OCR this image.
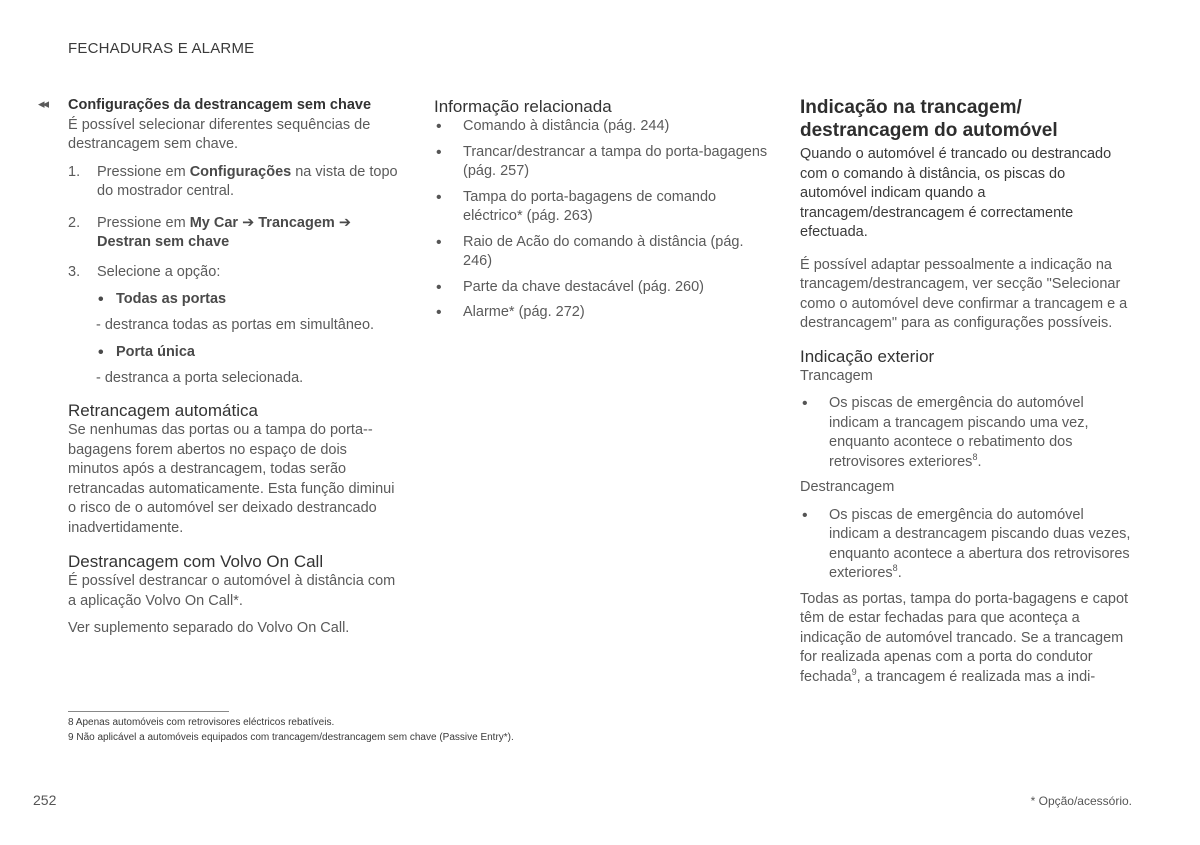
FECHADURAS E ALARME
◂◂ Configurações da destrancagem sem chave

É possível selecionar diferentes sequências de destrancagem sem chave.

1. Pressione em Configurações na vista de topo do mostrador central.
2. Pressione em My Car ➔ Trancagem ➔ Destran sem chave
3. Selecione a opção:
• Todas as portas

- destranca todas as portas em simultâneo.

• Porta única

- destranca a porta selecionada.

Retrancagem automática

Se nenhumas das portas ou a tampa do porta--bagagens forem abertos no espaço de dois minutos após a destrancagem, todas serão retrancadas automaticamente. Esta função diminui o risco de o automóvel ser deixado destrancado inadvertidamente.

Destrancagem com Volvo On Call

É possível destrancar o automóvel à distância com a aplicação Volvo On Call*.

Ver suplemento separado do Volvo On Call.

Informação relacionada

• Comando à distância (pág. 244)
• Trancar/destrancar a tampa do porta-bagagens (pág. 257)
• Tampa do porta-bagagens de comando eléctrico* (pág. 263)
• Raio de Acão do comando à distância (pág. 246)
• Parte da chave destacável (pág. 260)
• Alarme* (pág. 272)

Indicação na trancagem/ destrancagem do automóvel

Quando o automóvel é trancado ou destrancado com o comando à distância, os piscas do automóvel indicam quando a trancagem/destrancagem é correctamente efectuada.

É possível adaptar pessoalmente a indicação na trancagem/destrancagem, ver secção "Selecionar como o automóvel deve confirmar a trancagem e a destrancagem" para as configurações possíveis.

Indicação exterior

Trancagem

• Os piscas de emergência do automóvel indicam a trancagem piscando uma vez, enquanto acontece o rebatimento dos retrovisores exteriores$^8$.

Destrancagem

• Os piscas de emergência do automóvel indicam a destrancagem piscando duas vezes, enquanto acontece a abertura dos retrovisores exteriores$^8$.

Todas as portas, tampa do porta-bagagens e capot têm de estar fechadas para que aconteça a indicação de automóvel trancado. Se a trancagem for realizada apenas com a porta do condutor fechada$^9$, a trancagem é realizada mas a indi-

8 Apenas automóveis com retrovisores eléctricos rebatíveis.
9 Não aplicável a automóveis equipados com trancagem/destrancagem sem chave (Passive Entry*).
252	* Opção/acessório.
